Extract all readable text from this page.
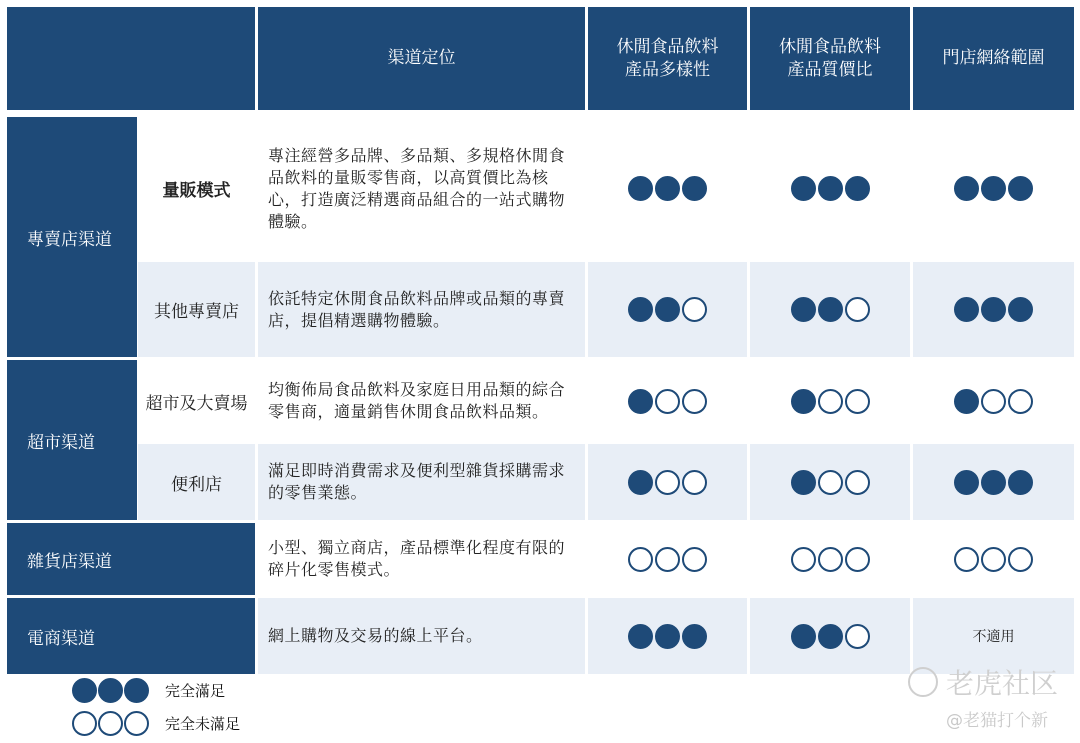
渠道定位
休閒食品飲料
產品多樣性
休閒食品飲料
產品質價比
門店網絡範圍
專賣店渠道
超市渠道
雜貨店渠道
電商渠道
量販模式
專注經營多品牌、多品類、多規格休閒食品飲料的量販零售商，以高質價比為核心，打造廣泛精選商品組合的一站式購物體驗。
其他專賣店
依託特定休閒食品飲料品牌或品類的專賣店，提倡精選購物體驗。
超市及大賣場
均衡佈局食品飲料及家庭日用品類的綜合零售商，適量銷售休閒食品飲料品類。
便利店
滿足即時消費需求及便利型雜貨採購需求的零售業態。
小型、獨立商店，產品標準化程度有限的碎片化零售模式。
網上購物及交易的線上平台。	不適用
完全滿足
完全未滿足
老虎社区
@老猫打个新
